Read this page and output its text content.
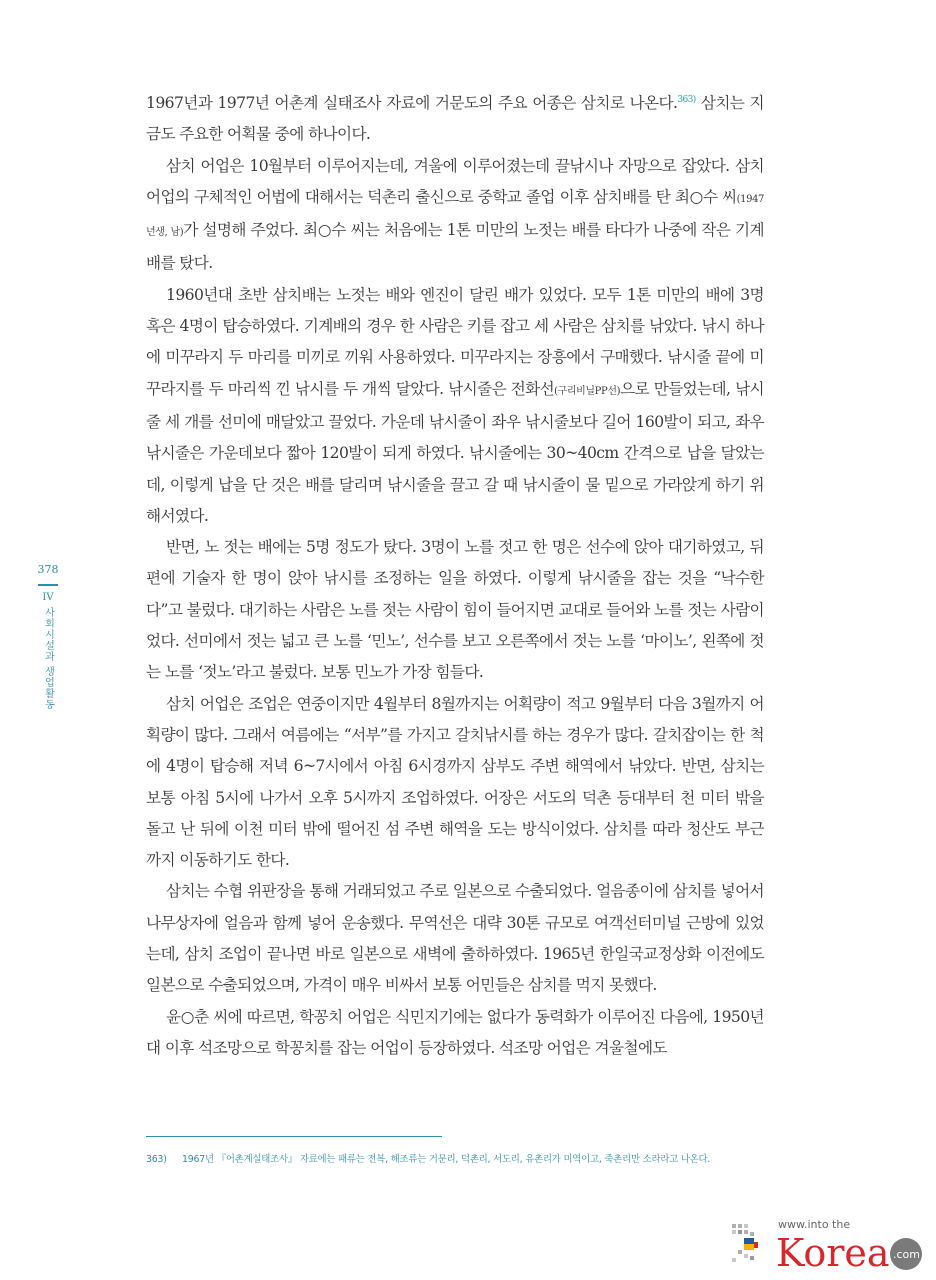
1967년과 1977년 어촌계 실태조사 자료에 거문도의 주요 어종은 삼치로 나온다.$^{363)}$ 삼치는 지금도 주요한 어획물 중에 하나이다.

삼치 어업은 10월부터 이루어지는데, 겨울에 이루어졌는데 끌낚시나 자망으로 잡았다. 삼치 어업의 구체적인 어법에 대해서는 덕촌리 출신으로 중학교 졸업 이후 삼치배를 탄 최○수 씨(1947년생, 남)가 설명해 주었다. 최○수 씨는 처음에는 1톤 미만의 노젓는 배를 타다가 나중에 작은 기계배를 탔다.

1960년대 초반 삼치배는 노젓는 배와 엔진이 달린 배가 있었다. 모두 1톤 미만의 배에 3명 혹은 4명이 탑승하였다. 기계배의 경우 한 사람은 키를 잡고 세 사람은 삼치를 낚았다. 낚시 하나에 미꾸라지 두 마리를 미끼로 끼워 사용하였다. 미꾸라지는 장흥에서 구매했다. 낚시줄 끝에 미꾸라지를 두 마리씩 낀 낚시를 두 개씩 달았다. 낚시줄은 전화선(구리비닐PP선)으로 만들었는데, 낚시줄 세 개를 선미에 매달았고 끌었다. 가운데 낚시줄이 좌우 낚시줄보다 길어 160발이 되고, 좌우 낚시줄은 가운데보다 짧아 120발이 되게 하였다. 낚시줄에는 30~40cm 간격으로 납을 달았는데, 이렇게 납을 단 것은 배를 달리며 낚시줄을 끌고 갈 때 낚시줄이 물 밑으로 가라앉게 하기 위해서였다.

반면, 노 젓는 배에는 5명 정도가 탔다. 3명이 노를 젓고 한 명은 선수에 앉아 대기하였고, 뒤편에 기술자 한 명이 앉아 낚시를 조정하는 일을 하였다. 이렇게 낚시줄을 잡는 것을 “낙수한다”고 불렀다. 대기하는 사람은 노를 젓는 사람이 힘이 들어지면 교대로 들어와 노를 젓는 사람이었다. 선미에서 젓는 넓고 큰 노를 ‘민노’, 선수를 보고 오른쪽에서 젓는 노를 ‘마이노’, 왼쪽에 젓는 노를 ‘젓노’라고 불렀다. 보통 민노가 가장 힘들다.

삼치 어업은 조업은 연중이지만 4월부터 8월까지는 어획량이 적고 9월부터 다음 3월까지 어획량이 많다. 그래서 여름에는 “서부”를 가지고 갈치낚시를 하는 경우가 많다. 갈치잡이는 한 척에 4명이 탑승해 저녁 6~7시에서 아침 6시경까지 삼부도 주변 해역에서 낚았다. 반면, 삼치는 보통 아침 5시에 나가서 오후 5시까지 조업하였다. 어장은 서도의 덕촌 등대부터 천 미터 밖을 돌고 난 뒤에 이천 미터 밖에 떨어진 섬 주변 해역을 도는 방식이었다. 삼치를 따라 청산도 부근까지 이동하기도 한다.

삼치는 수협 위판장을 통해 거래되었고 주로 일본으로 수출되었다. 얼음종이에 삼치를 넣어서 나무상자에 얼음과 함께 넣어 운송했다. 무역선은 대략 30톤 규모로 여객선터미널 근방에 있었는데, 삼치 조업이 끝나면 바로 일본으로 새벽에 출하하였다. 1965년 한일국교정상화 이전에도 일본으로 수출되었으며, 가격이 매우 비싸서 보통 어민들은 삼치를 먹지 못했다.

윤○춘 씨에 따르면, 학꽁치 어업은 식민지기에는 없다가 동력화가 이루어진 다음에, 1950년대 이후 석조망으로 학꽁치를 잡는 어업이 등장하였다. 석조망 어업은 겨울철에도

378
IV
사회시설과 생업활동
363)	1967년 『어촌계실태조사』 자료에는 패류는 전복, 해조류는 거문리, 덕촌리, 서도리, 유촌리가 미역이고, 죽촌리만 소라라고 나온다.
www.into the
Korea .com
